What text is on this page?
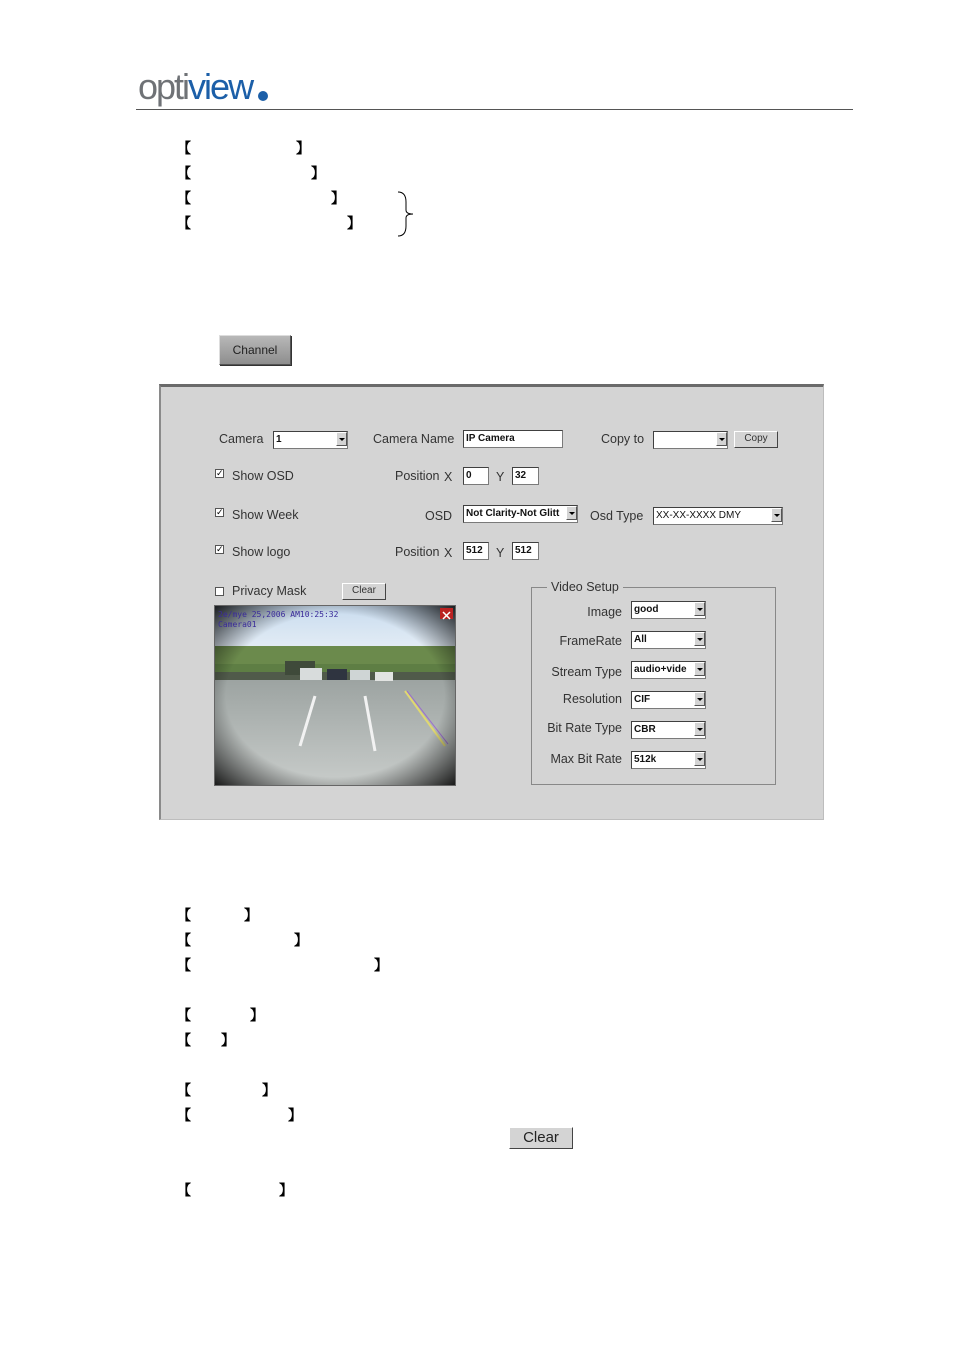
optiview
【	】
【	】
【	】
【	】
Channel
Camera	1	Camera Name	IP Camera	Copy to	Copy
✓ Show OSD	Position X	0	Y	32
✓ Show Week	OSD	Not Clarity-Not Glitt	Osd Type	XX-XX-XXXX DMY
✓ Show logo	Position X	512	Y	512
Privacy Mask	Clear
2e/mye 25,2006 AM10:25:32
Camera01
Video Setup
Image	good
FrameRate	All
Stream Type	audio+vide
Resolution	CIF
Bit Rate Type	CBR
Max Bit Rate	512k
【	】
【	】
【	】
【	】
【 】
【	】
【	】
【	】
Clear
